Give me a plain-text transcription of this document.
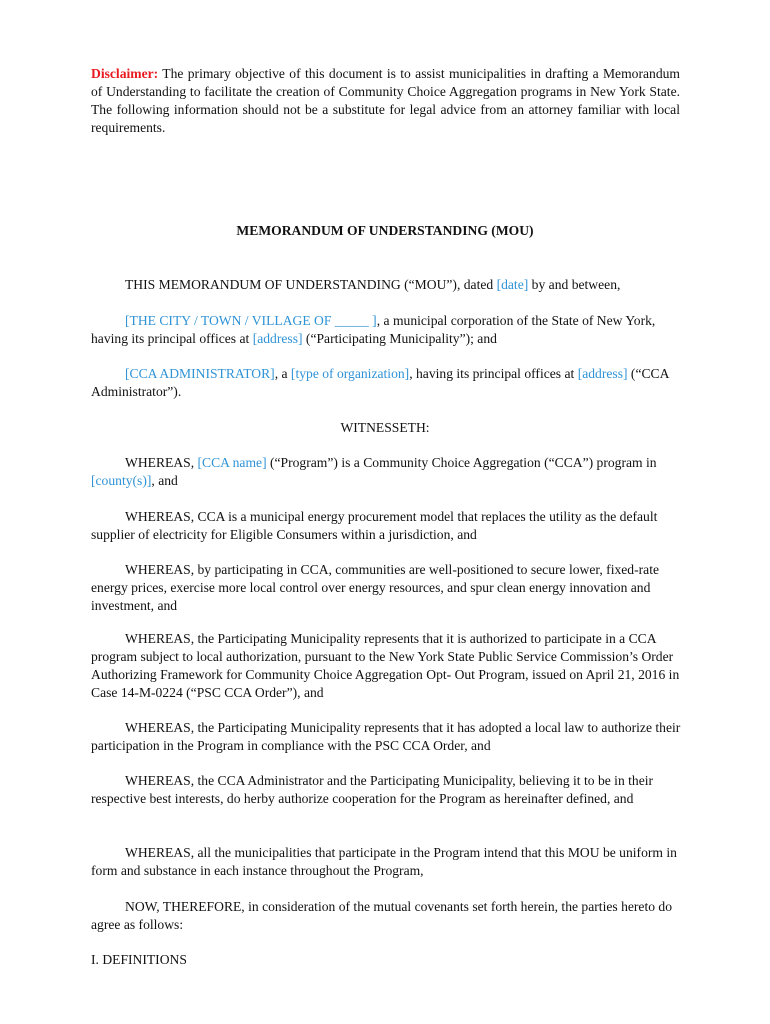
Disclaimer: The primary objective of this document is to assist municipalities in drafting a Memorandum of Understanding to facilitate the creation of Community Choice Aggregation programs in New York State. The following information should not be a substitute for legal advice from an attorney familiar with local requirements.

MEMORANDUM OF UNDERSTANDING (MOU)

THIS MEMORANDUM OF UNDERSTANDING (“MOU”), dated [date] by and between,

[THE CITY / TOWN / VILLAGE OF _____ ], a municipal corporation of the State of New York, having its principal offices at [address] (“Participating Municipality”); and

[CCA ADMINISTRATOR], a [type of organization], having its principal offices at [address] (“CCA Administrator”).

WITNESSETH:

WHEREAS, [CCA name] (“Program”) is a Community Choice Aggregation (“CCA”) program in [county(s)], and

WHEREAS, CCA is a municipal energy procurement model that replaces the utility as the default supplier of electricity for Eligible Consumers within a jurisdiction, and

WHEREAS, by participating in CCA, communities are well-positioned to secure lower, fixed-rate energy prices, exercise more local control over energy resources, and spur clean energy innovation and investment, and

WHEREAS, the Participating Municipality represents that it is authorized to participate in a CCA program subject to local authorization, pursuant to the New York State Public Service Commission’s Order Authorizing Framework for Community Choice Aggregation Opt- Out Program, issued on April 21, 2016 in Case 14-M-0224 (“PSC CCA Order”), and

WHEREAS, the Participating Municipality represents that it has adopted a local law to authorize their participation in the Program in compliance with the PSC CCA Order, and

WHEREAS, the CCA Administrator and the Participating Municipality, believing it to be in their respective best interests, do herby authorize cooperation for the Program as hereinafter defined, and

WHEREAS, all the municipalities that participate in the Program intend that this MOU be uniform in form and substance in each instance throughout the Program,

NOW, THEREFORE, in consideration of the mutual covenants set forth herein, the parties hereto do agree as follows:

I. DEFINITIONS
